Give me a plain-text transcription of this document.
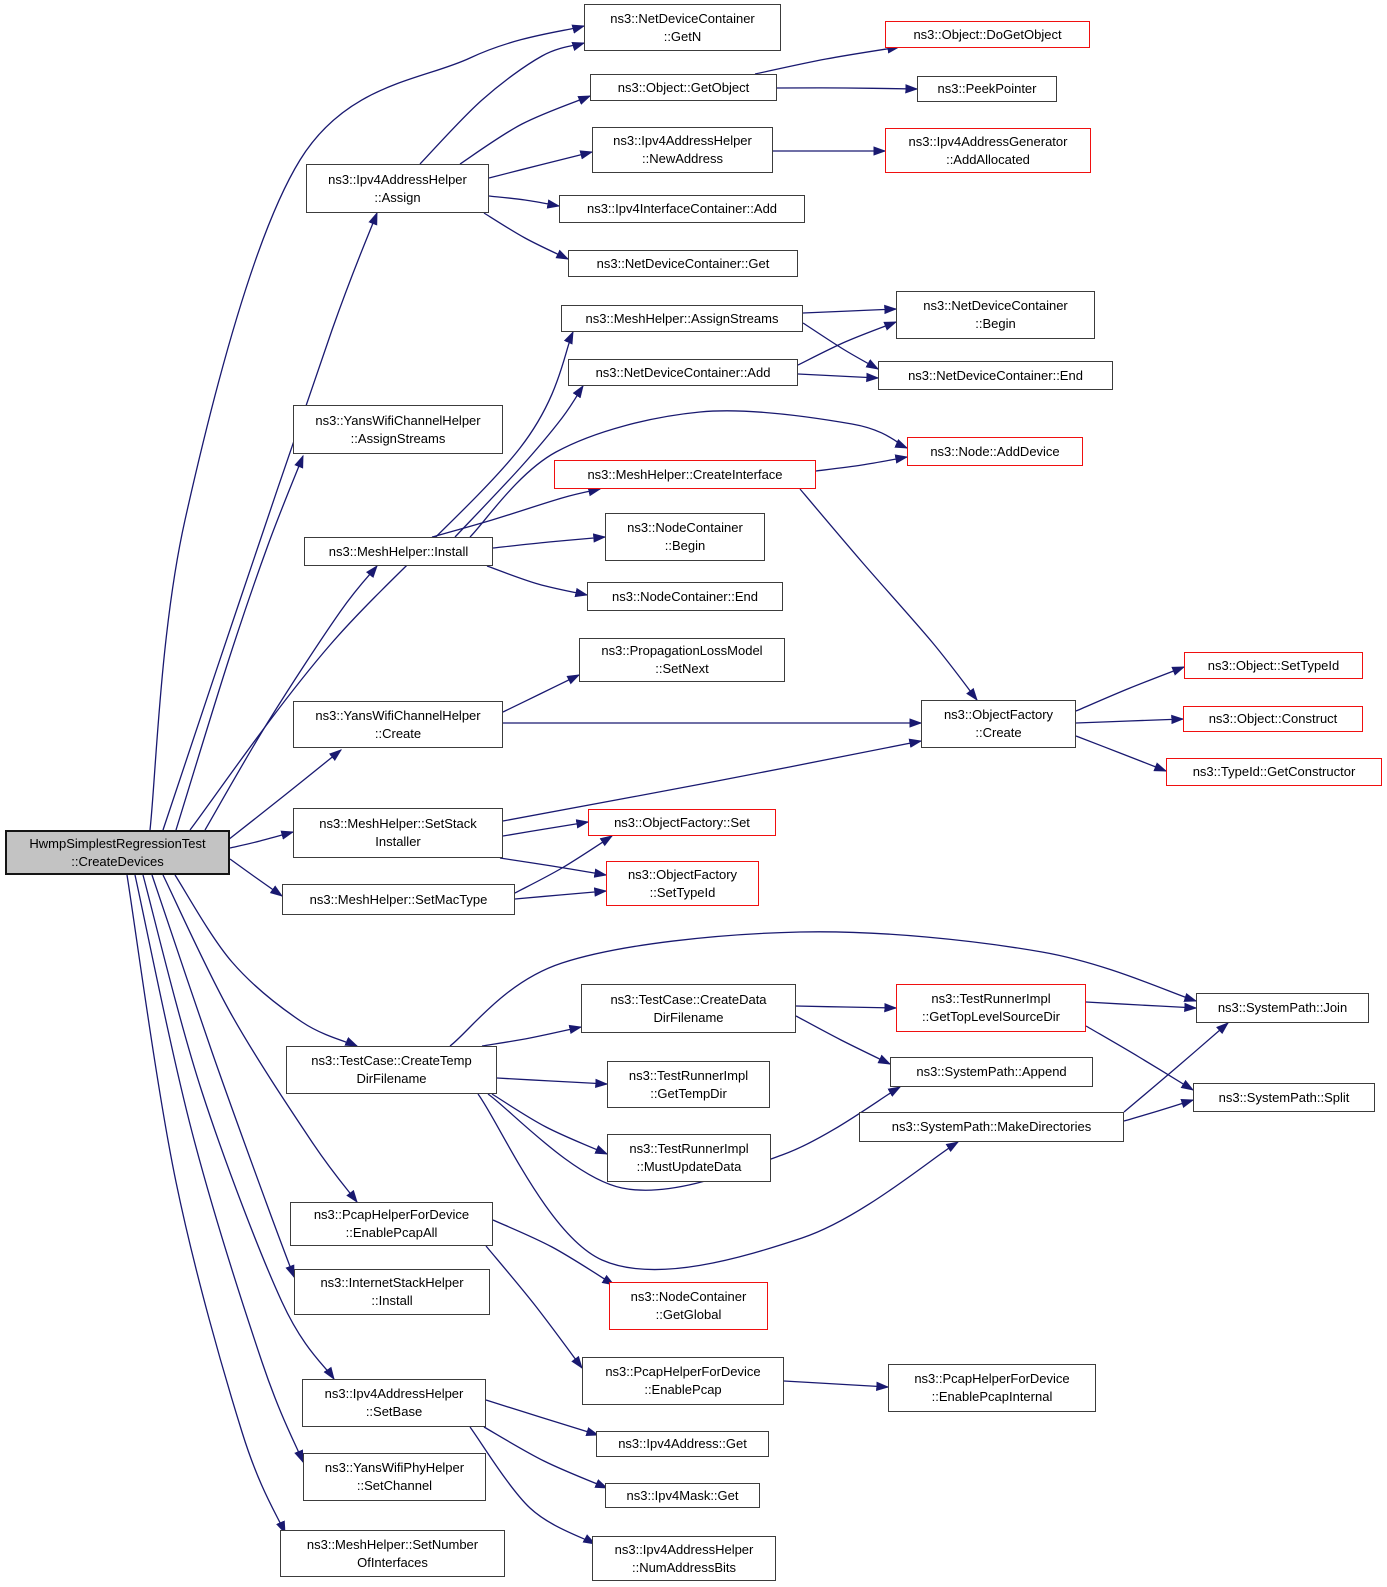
HwmpSimplestRegressionTest
::CreateDevices
ns3::Ipv4AddressHelper
::Assign
ns3::YansWifiChannelHelper
::AssignStreams
ns3::MeshHelper::Install
ns3::YansWifiChannelHelper
::Create
ns3::MeshHelper::SetStack
Installer
ns3::MeshHelper::SetMacType
ns3::TestCase::CreateTemp
DirFilename
ns3::PcapHelperForDevice
::EnablePcapAll
ns3::InternetStackHelper
::Install
ns3::Ipv4AddressHelper
::SetBase
ns3::YansWifiPhyHelper
::SetChannel
ns3::MeshHelper::SetNumber
OfInterfaces
ns3::NetDeviceContainer
::GetN
ns3::Object::GetObject
ns3::Ipv4AddressHelper
::NewAddress
ns3::Ipv4InterfaceContainer::Add
ns3::NetDeviceContainer::Get
ns3::MeshHelper::AssignStreams
ns3::NetDeviceContainer::Add
ns3::MeshHelper::CreateInterface
ns3::NodeContainer
::Begin
ns3::NodeContainer::End
ns3::PropagationLossModel
::SetNext
ns3::ObjectFactory::Set
ns3::ObjectFactory
::SetTypeId
ns3::TestCase::CreateData
DirFilename
ns3::TestRunnerImpl
::GetTempDir
ns3::TestRunnerImpl
::MustUpdateData
ns3::NodeContainer
::GetGlobal
ns3::PcapHelperForDevice
::EnablePcap
ns3::Ipv4Address::Get
ns3::Ipv4Mask::Get
ns3::Ipv4AddressHelper
::NumAddressBits
ns3::Object::DoGetObject
ns3::PeekPointer
ns3::Ipv4AddressGenerator
::AddAllocated
ns3::NetDeviceContainer
::Begin
ns3::NetDeviceContainer::End
ns3::Node::AddDevice
ns3::ObjectFactory
::Create
ns3::TestRunnerImpl
::GetTopLevelSourceDir
ns3::SystemPath::Append
ns3::SystemPath::MakeDirectories
ns3::PcapHelperForDevice
::EnablePcapInternal
ns3::Object::SetTypeId
ns3::Object::Construct
ns3::TypeId::GetConstructor
ns3::SystemPath::Join
ns3::SystemPath::Split
